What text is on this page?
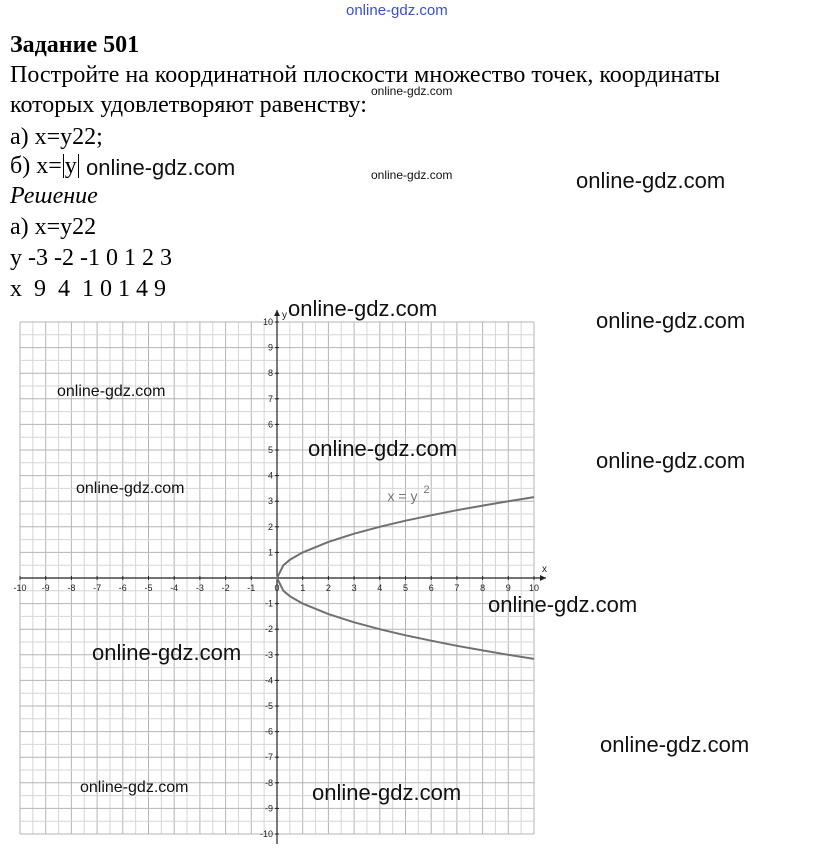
online-gdz.com
Задание 501
Постройте на координатной плоскости множество точек, координаты
которых удовлетворяют равенству:
а) x=y22;
б) x= y
Решение
а) x=y22
y -3 -2 -1 0 1 2 3
x  9  4  1 0 1 4 9
x
y
-10 -9 -8 -7 -6 -5 -4 -3 -2 -1 0 1 2 3 4 5 6 7 8 9 10
-10
-9
-8
-7
-6
-5
-4
-3
-2
-1
1
2
3
4
5
6
7
8
9
10
x = y 2
online-gdz.com
online-gdz.com
online-gdz.com
online-gdz.com
online-gdz.com	online-gdz.com
online-gdz.com
online-gdz.com	online-gdz.com
online-gdz.com
online-gdz.com
online-gdz.com
online-gdz.com
online-gdz.com	online-gdz.com
